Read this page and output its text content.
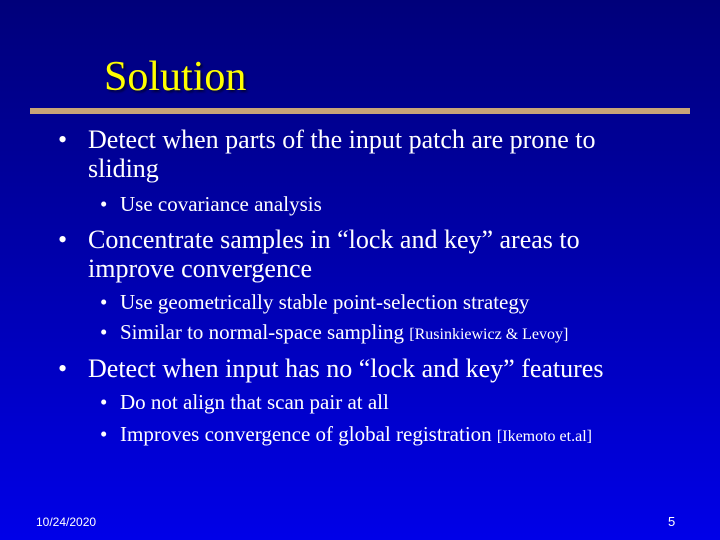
Solution
• Detect when parts of the input patch are prone to sliding
• Use covariance analysis
• Concentrate samples in “lock and key” areas to improve convergence
• Use geometrically stable point-selection strategy
• Similar to normal-space sampling [Rusinkiewicz & Levoy]
• Detect when input has no “lock and key” features
• Do not align that scan pair at all
• Improves convergence of global registration [Ikemoto et.al]
10/24/2020	5
